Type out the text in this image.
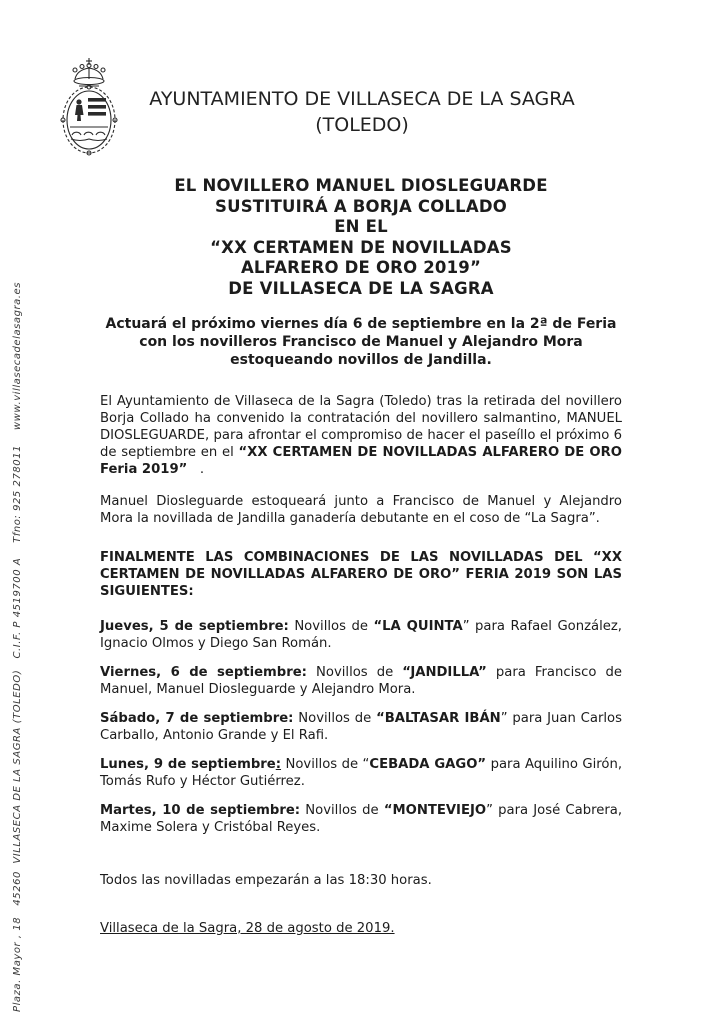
Plaza. Mayor , 18   45260  VILLASECA DE LA SAGRA (TOLEDO)   C.I.F. P 4519700 A    Tfno: 925 278011    www.villasecadelasagra.es
AYUNTAMIENTO DE VILLASECA DE LA SAGRA
(TOLEDO)
EL NOVILLERO MANUEL DIOSLEGUARDE
SUSTITUIRÁ A BORJA COLLADO
EN EL
“XX CERTAMEN DE NOVILLADAS
ALFARERO DE ORO 2019”
DE VILLASECA DE LA SAGRA
Actuará el próximo viernes día 6 de septiembre en la 2ª de Feria con los novilleros Francisco de Manuel y Alejandro Mora estoqueando novillos de Jandilla.

El Ayuntamiento de Villaseca de la Sagra (Toledo) tras la retirada del novillero Borja Collado ha convenido la contratación del novillero salmantino, MANUEL DIOSLEGUARDE, para afrontar el compromiso de hacer el paseíllo el próximo 6 de septiembre en el “XX CERTAMEN DE NOVILLADAS ALFARERO DE ORO Feria 2019”   .

Manuel Diosleguarde estoqueará junto a Francisco de Manuel y Alejandro Mora la novillada de Jandilla ganadería debutante en el coso de “La Sagra”.

FINALMENTE LAS COMBINACIONES DE LAS NOVILLADAS DEL “XX CERTAMEN DE NOVILLADAS ALFARERO DE ORO” FERIA 2019 SON LAS SIGUIENTES:

Jueves, 5 de septiembre: Novillos de “LA QUINTA” para Rafael González, Ignacio Olmos y Diego San Román.

Viernes, 6 de septiembre: Novillos de “JANDILLA” para Francisco de Manuel, Manuel Diosleguarde y Alejandro Mora.

Sábado, 7 de septiembre: Novillos de “BALTASAR IBÁN” para Juan Carlos Carballo, Antonio Grande y El Rafi.

Lunes, 9 de septiembre: Novillos de “CEBADA GAGO” para Aquilino Girón, Tomás Rufo y Héctor Gutiérrez.

Martes, 10 de septiembre: Novillos de “MONTEVIEJO” para José Cabrera, Maxime Solera y Cristóbal Reyes.

Todos las novilladas empezarán a las 18:30 horas.

Villaseca de la Sagra, 28 de agosto de 2019.
